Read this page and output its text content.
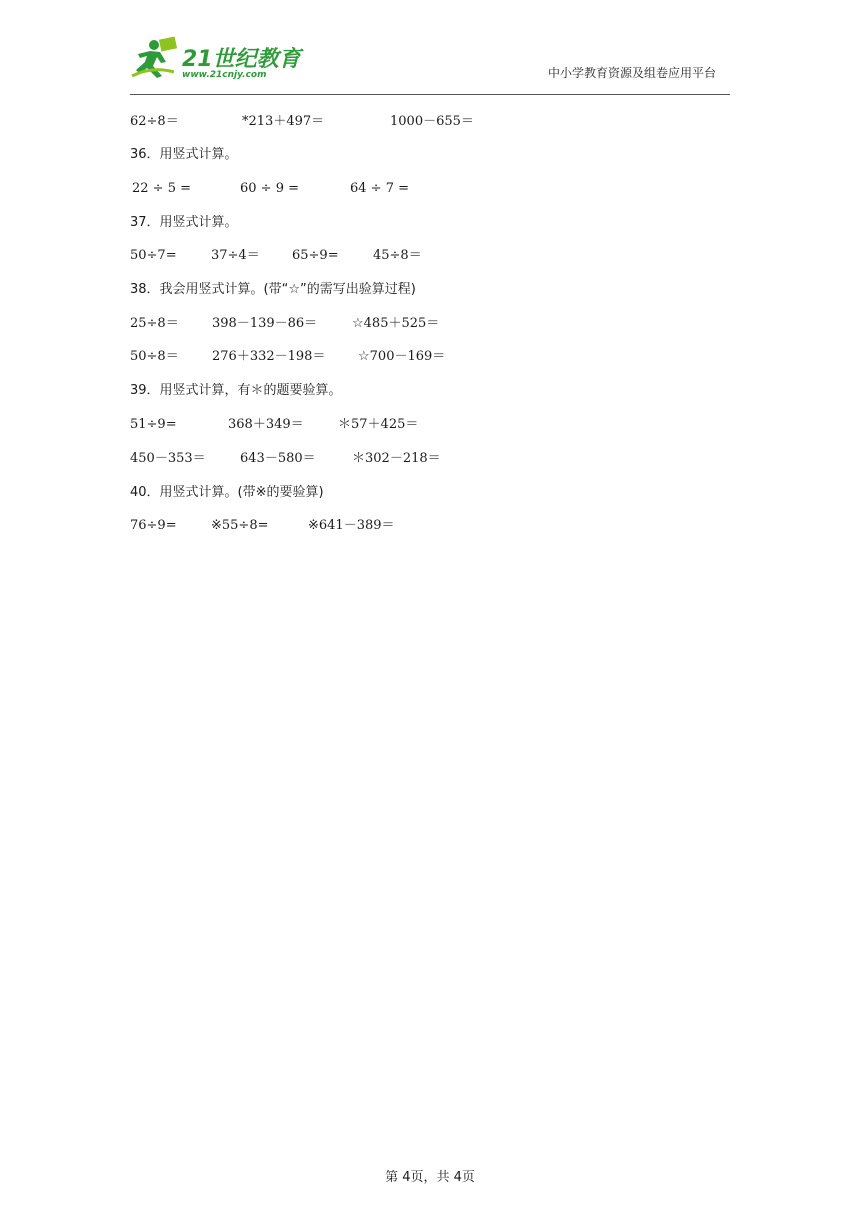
21世纪教育
www.21cnjy.com	中小学教育资源及组卷应用平台
62÷8＝	*213＋497＝	1000－655＝
36．用竖式计算。
22 ÷ 5 =	60 ÷ 9 =	64 ÷ 7 =
37．用竖式计算。
50÷7=	37÷4＝ 65÷9=	45÷8＝
38．我会用竖式计算。(带“☆”的需写出验算过程)
25÷8＝	398－139－86＝	☆485＋525＝
50÷8＝	276＋332－198＝	☆700－169＝
39．用竖式计算，有＊的题要验算。
51÷9=	368＋349＝	＊57＋425＝
450－353＝	643－580＝	＊302－218＝
40．用竖式计算。(带※的要验算)
76÷9=	※55÷8=	※641－389＝
第 4页，共 4页
